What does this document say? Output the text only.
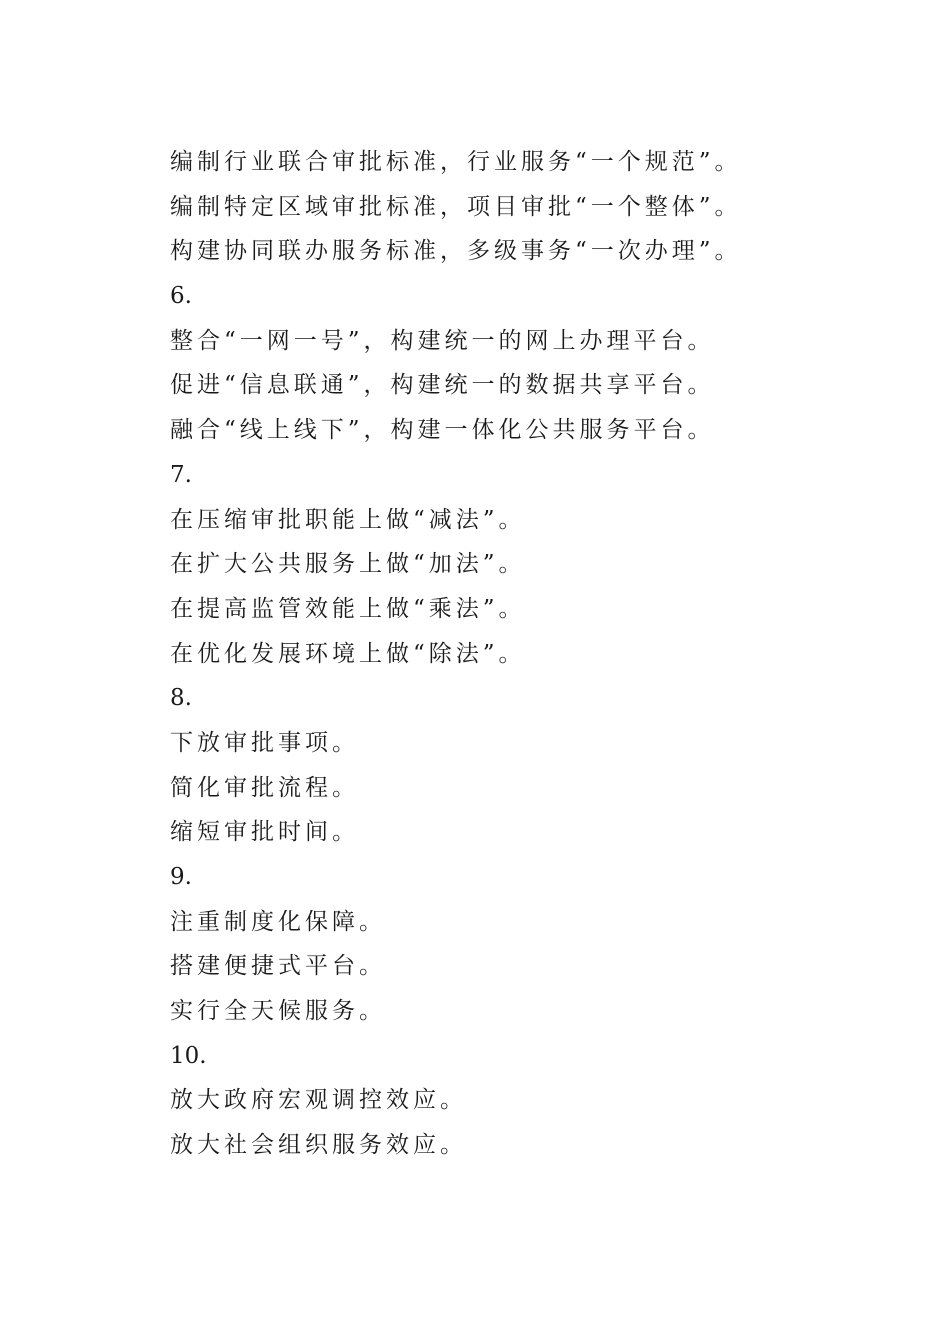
编制行业联合审批标准，行业服务“一个规范”。
编制特定区域审批标准，项目审批“一个整体”。
构建协同联办服务标准，多级事务“一次办理”。
6.
整合“一网一号”，构建统一的网上办理平台。
促进“信息联通”，构建统一的数据共享平台。
融合“线上线下”，构建一体化公共服务平台。
7.
在压缩审批职能上做“减法”。
在扩大公共服务上做“加法”。
在提高监管效能上做“乘法”。
在优化发展环境上做“除法”。
8.
下放审批事项。
简化审批流程。
缩短审批时间。
9.
注重制度化保障。
搭建便捷式平台。
实行全天候服务。
10.
放大政府宏观调控效应。
放大社会组织服务效应。
